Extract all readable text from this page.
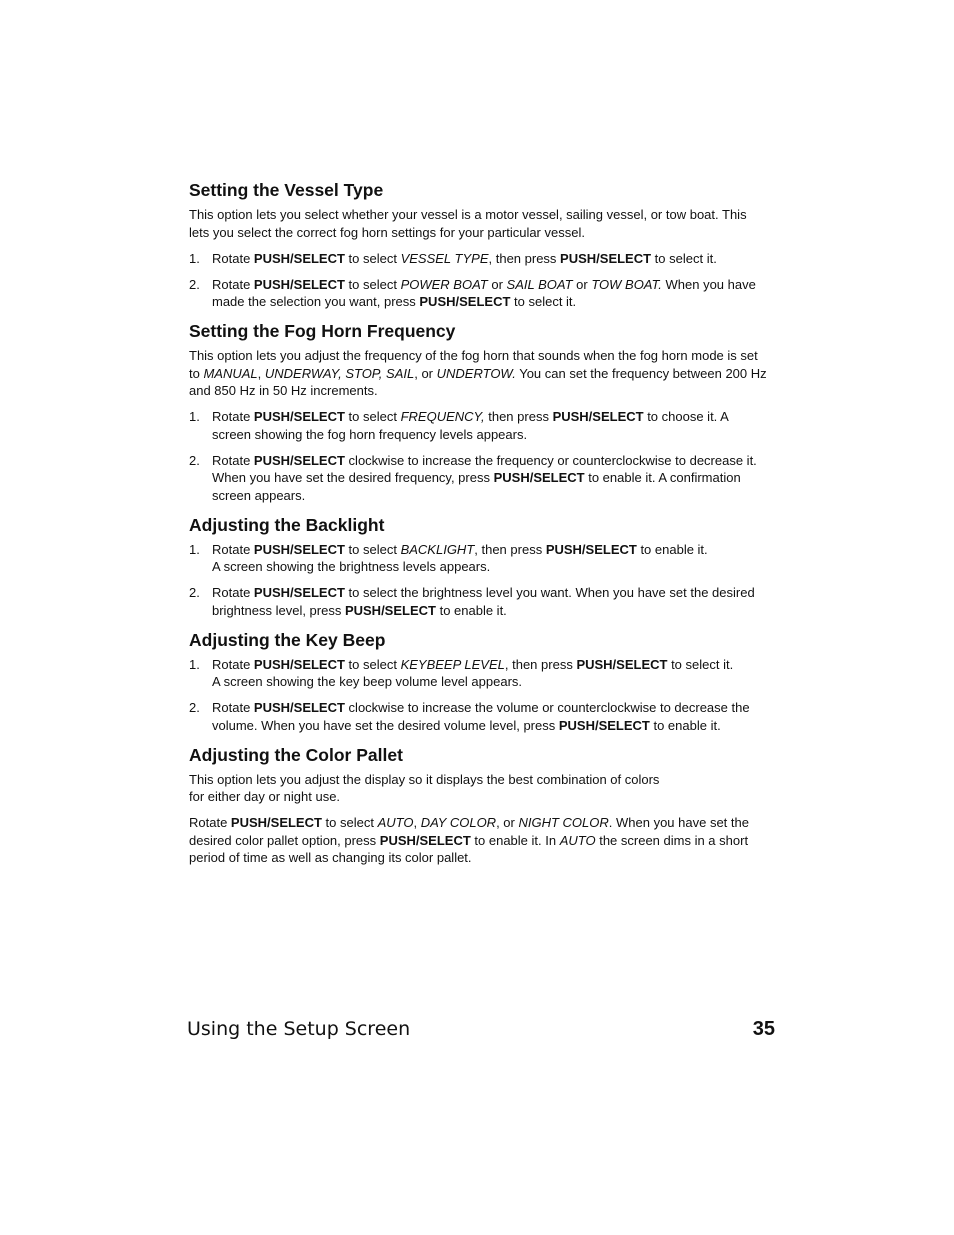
Setting the Vessel Type

This option lets you select whether your vessel is a motor vessel, sailing vessel, or tow boat. This lets you select the correct fog horn settings for your particular vessel.

1. Rotate PUSH/SELECT to select VESSEL TYPE, then press PUSH/SELECT to select it.
2. Rotate PUSH/SELECT to select POWER BOAT or SAIL BOAT or TOW BOAT. When you have made the selection you want, press PUSH/SELECT to select it.
Setting the Fog Horn Frequency

This option lets you adjust the frequency of the fog horn that sounds when the fog horn mode is set to MANUAL, UNDERWAY, STOP, SAIL, or UNDERTOW. You can set the frequency between 200 Hz and 850 Hz in 50 Hz increments.

1. Rotate PUSH/SELECT to select FREQUENCY, then press PUSH/SELECT to choose it. A screen showing the fog horn frequency levels appears.
2. Rotate PUSH/SELECT clockwise to increase the frequency or counterclockwise to decrease it. When you have set the desired frequency, press PUSH/SELECT to enable it. A confirmation screen appears.
Adjusting the Backlight
1. Rotate PUSH/SELECT to select BACKLIGHT, then press PUSH/SELECT to enable it.
A screen showing the brightness levels appears.
2. Rotate PUSH/SELECT to select the brightness level you want. When you have set the desired brightness level, press PUSH/SELECT to enable it.
Adjusting the Key Beep
1. Rotate PUSH/SELECT to select KEYBEEP LEVEL, then press PUSH/SELECT to select it.
A screen showing the key beep volume level appears.
2. Rotate PUSH/SELECT clockwise to increase the volume or counterclockwise to decrease the volume. When you have set the desired volume level, press PUSH/SELECT to enable it.
Adjusting the Color Pallet

This option lets you adjust the display so it displays the best combination of colors
for either day or night use.

Rotate PUSH/SELECT to select AUTO, DAY COLOR, or NIGHT COLOR. When you have set the desired color pallet option, press PUSH/SELECT to enable it. In AUTO the screen dims in a short period of time as well as changing its color pallet.

Using the Setup Screen	35
